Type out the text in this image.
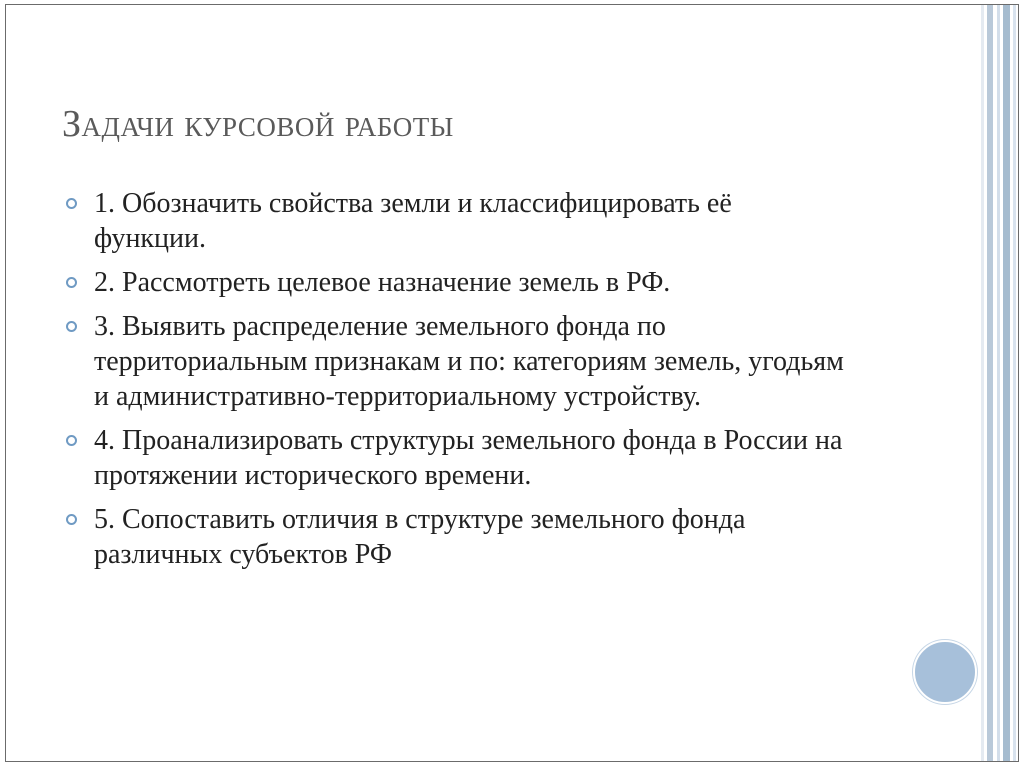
Задачи курсовой работы
1. Обозначить свойства земли и классифицировать её функции.
2. Рассмотреть целевое назначение земель в РФ.
3. Выявить распределение земельного фонда по территориальным признакам и по: категориям земель, угодьям и административно-территориальному устройству.
4. Проанализировать структуры земельного фонда в России на протяжении исторического времени.
5. Сопоставить отличия в структуре земельного фонда различных субъектов РФ
